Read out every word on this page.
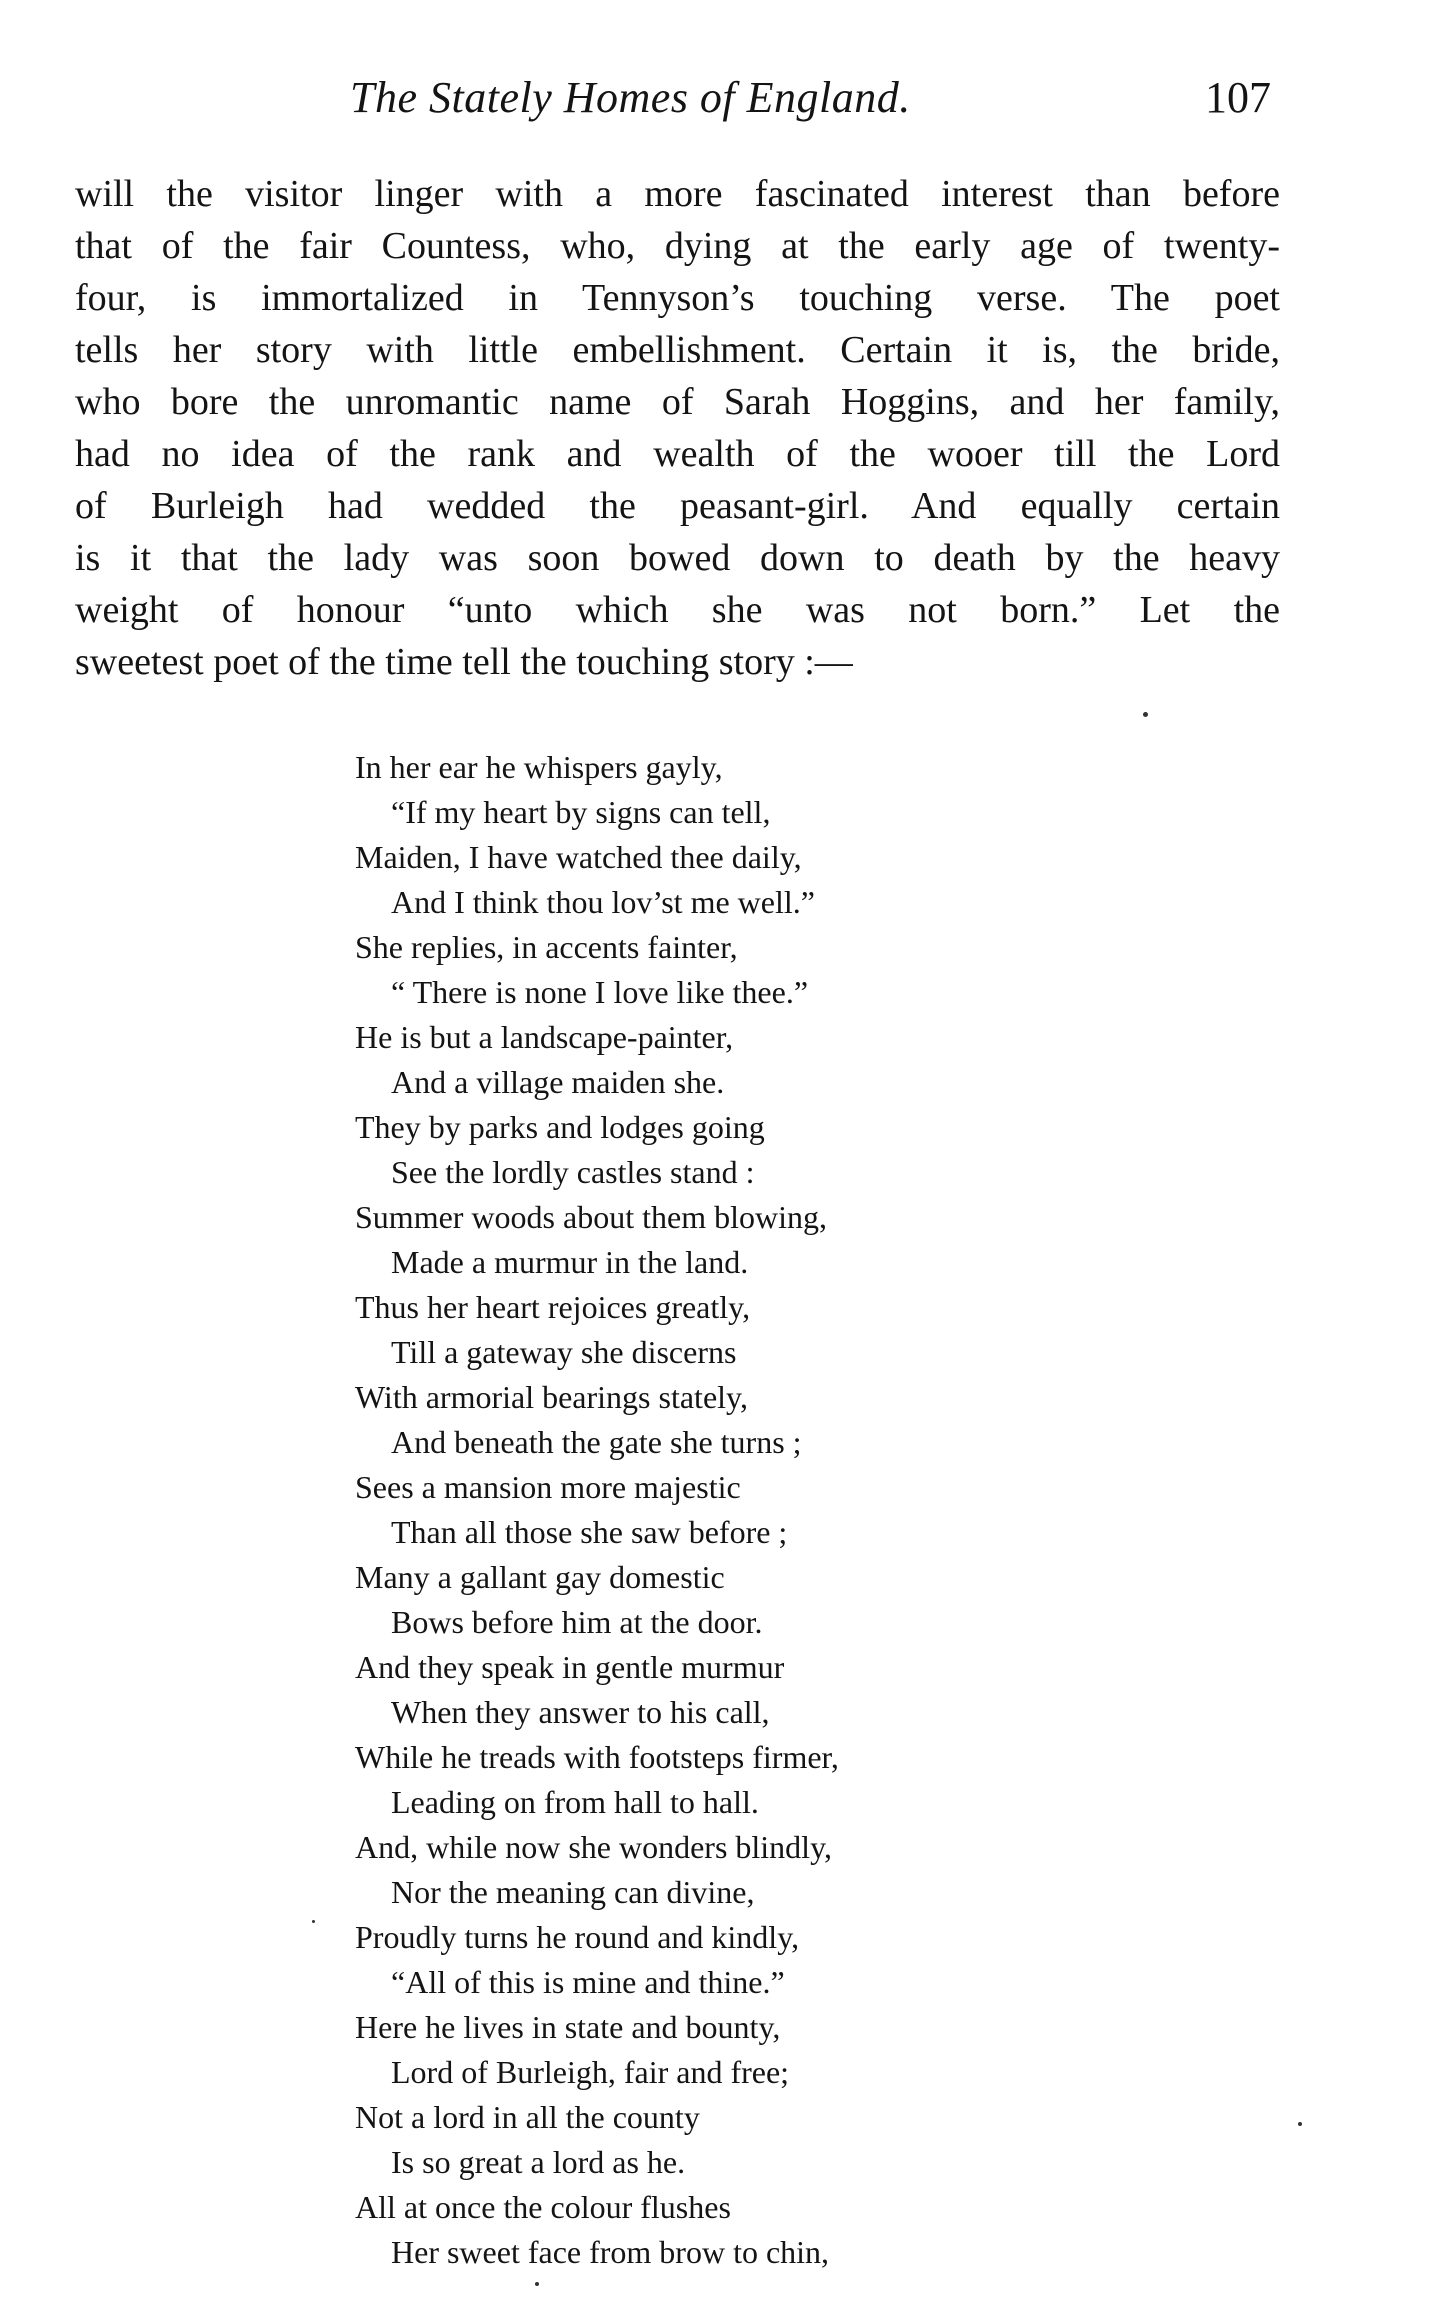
The Stately Homes of England.	107
will the visitor linger with a more fascinated interest than before
that of the fair Countess, who, dying at the early age of twenty-
four, is immortalized in Tennyson’s touching verse. The poet
tells her story with little embellishment. Certain it is, the bride,
who bore the unromantic name of Sarah Hoggins, and her family,
had no idea of the rank and wealth of the wooer till the Lord
of Burleigh had wedded the peasant-girl. And equally certain
is it that the lady was soon bowed down to death by the heavy
weight of honour “unto which she was not born.” Let the
sweetest poet of the time tell the touching story :—
In her ear he whispers gayly,
“If my heart by signs can tell,
Maiden, I have watched thee daily,
And I think thou lov’st me well.”
She replies, in accents fainter,
“ There is none I love like thee.”
He is but a landscape-painter,
And a village maiden she.
They by parks and lodges going
See the lordly castles stand :
Summer woods about them blowing,
Made a murmur in the land.
Thus her heart rejoices greatly,
Till a gateway she discerns
With armorial bearings stately,
And beneath the gate she turns ;
Sees a mansion more majestic
Than all those she saw before ;
Many a gallant gay domestic
Bows before him at the door.
And they speak in gentle murmur
When they answer to his call,
While he treads with footsteps firmer,
Leading on from hall to hall.
And, while now she wonders blindly,
Nor the meaning can divine,
Proudly turns he round and kindly,
“All of this is mine and thine.”
Here he lives in state and bounty,
Lord of Burleigh, fair and free;
Not a lord in all the county
Is so great a lord as he.
All at once the colour flushes
Her sweet face from brow to chin,
